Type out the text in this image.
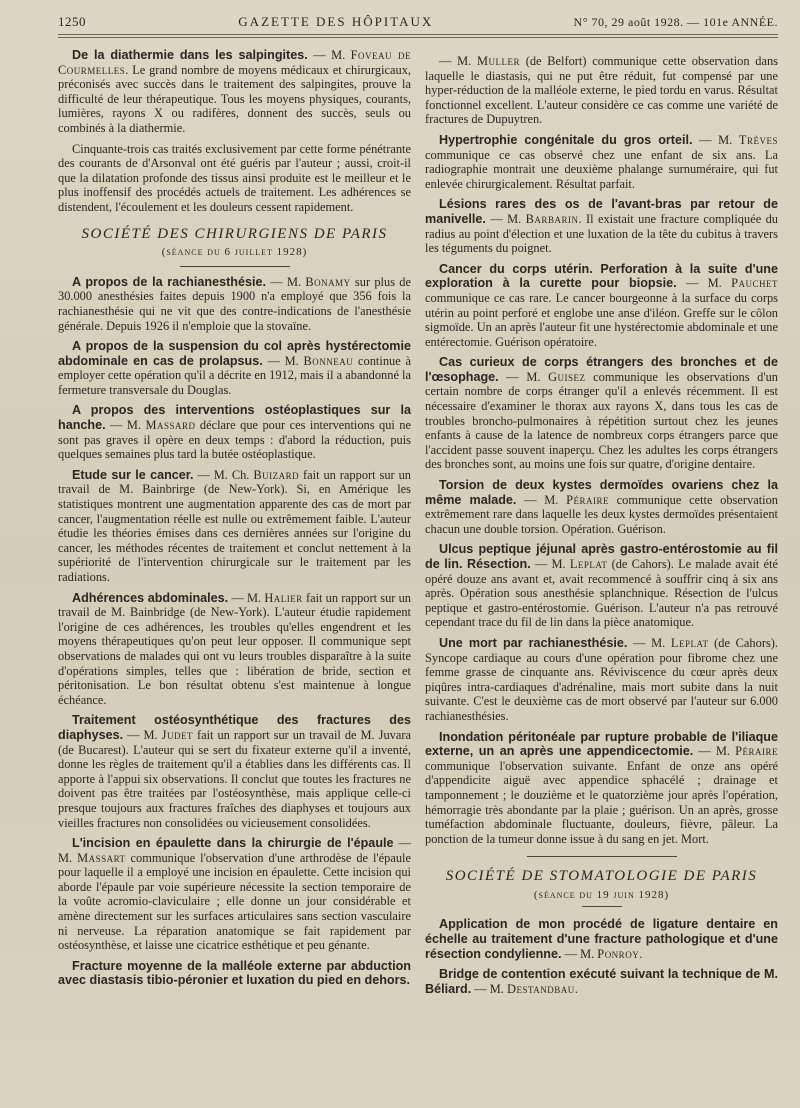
1250	GAZETTE DES HÔPITAUX	N° 70, 29 août 1928. — 101e ANNÉE.

De la diathermie dans les salpingites. — M. Foveau de Courmelles. Le grand nombre de moyens médicaux et chirurgicaux, préconisés avec succès dans le traitement des salpingites, prouve la difficulté de leur thérapeutique. Tous les moyens physiques, courants, lumières, rayons X ou radifères, donnent des succès, seuls ou combinés à la diathermie.

Cinquante-trois cas traités exclusivement par cette forme pénétrante des courants de d'Arsonval ont été guéris par l'auteur ; aussi, croit-il que la dilatation profonde des tissus ainsi produite est le meilleur et le plus inoffensif des procédés actuels de traitement. Les adhérences se distendent, l'écoulement et les douleurs cessent rapidement.

SOCIÉTÉ DES CHIRURGIENS DE PARIS
(séance du 6 juillet 1928)

A propos de la rachianesthésie. — M. Bonamy sur plus de 30.000 anesthésies faites depuis 1900 n'a employé que 356 fois la rachianesthésie qui ne vit que des contre-indications de l'anesthésie générale. Depuis 1926 il n'emploie que la stovaïne.

A propos de la suspension du col après hystérectomie abdominale en cas de prolapsus. — M. Bonneau continue à employer cette opération qu'il a décrite en 1912, mais il a abandonné la fermeture transversale du Douglas.

A propos des interventions ostéoplastiques sur la hanche. — M. Massard déclare que pour ces interventions qui ne sont pas graves il opère en deux temps : d'abord la réduction, puis quelques semaines plus tard la butée ostéoplastique.

Etude sur le cancer. — M. Ch. Buizard fait un rapport sur un travail de M. Bainbrirge (de New-York). Si, en Amérique les statistiques montrent une augmentation apparente des cas de mort par cancer, l'augmentation réelle est nulle ou extrêmement faible. L'auteur étudie les théories émises dans ces dernières années sur l'origine du cancer, les méthodes récentes de traitement et conclut nettement à la supériorité de l'intervention chirurgicale sur le traitement par les radiations.

Adhérences abdominales. — M. Halier fait un rapport sur un travail de M. Bainbridge (de New-York). L'auteur étudie rapidement l'origine de ces adhérences, les troubles qu'elles engendrent et les moyens thérapeutiques qu'on peut leur opposer. Il communique sept observations de malades qui ont vu leurs troubles disparaître à la suite d'opérations simples, telles que : libération de bride, section et péritonisation. Le bon résultat obtenu s'est maintenue à longue échéance.

Traitement ostéosynthétique des fractures des diaphyses. — M. Judet fait un rapport sur un travail de M. Juvara (de Bucarest). L'auteur qui se sert du fixateur externe qu'il a inventé, donne les règles de traitement qu'il a établies dans les différents cas. Il apporte à l'appui six observations. Il conclut que toutes les fractures ne doivent pas être traitées par l'ostéosynthèse, mais applique celle-ci presque toujours aux fractures fraîches des diaphyses et toujours aux vieilles fractures non consolidées ou vicieusement consolidées.

L'incision en épaulette dans la chirurgie de l'épaule — M. Massart communique l'observation d'une arthrodèse de l'épaule pour laquelle il a employé une incision en épaulette. Cette incision qui aborde l'épaule par voie supérieure nécessite la section temporaire de la voûte acromio-claviculaire ; elle donne un jour considérable et amène directement sur les surfaces articulaires sans section vasculaire ni nerveuse. La réparation anatomique se fait rapidement par ostéosynthèse, et laisse une cicatrice esthétique et peu génante.

Fracture moyenne de la malléole externe par abduction avec diastasis tibio-péronier et luxation du pied en dehors.

— M. Muller (de Belfort) communique cette observation dans laquelle le diastasis, qui ne put être réduit, fut compensé par une hyper-réduction de la malléole externe, le pied tordu en varus. Résultat fonctionnel excellent. L'auteur considère ce cas comme une variété de fractures de Dupuytren.

Hypertrophie congénitale du gros orteil. — M. Trèves communique ce cas observé chez une enfant de six ans. La radiographie montrait une deuxième phalange surnuméraire, qui fut enlevée chirurgicalement. Résultat parfait.

Lésions rares des os de l'avant-bras par retour de manivelle. — M. Barbarin. Il existait une fracture compliquée du radius au point d'élection et une luxation de la tête du cubitus à travers les téguments du poignet.

Cancer du corps utérin. Perforation à la suite d'une exploration à la curette pour biopsie. — M. Pauchet communique ce cas rare. Le cancer bourgeonne à la surface du corps utérin au point perforé et englobe une anse d'iléon. Greffe sur le côlon sigmoïde. Un an après l'auteur fit une hystérectomie abdominale et une entérectomie. Guérison opératoire.

Cas curieux de corps étrangers des bronches et de l'œsophage. — M. Guisez communique les observations d'un certain nombre de corps étranger qu'il a enlevés récemment. Il est nécessaire d'examiner le thorax aux rayons X, dans tous les cas de troubles broncho-pulmonaires à répétition surtout chez les jeunes enfants à cause de la latence de nombreux corps étrangers parce que l'accident passe souvent inaperçu. Chez les adultes les corps étrangers des bronches sont, au moins une fois sur quatre, d'origine dentaire.

Torsion de deux kystes dermoïdes ovariens chez la même malade. — M. Péraire communique cette observation extrêmement rare dans laquelle les deux kystes dermoïdes présentaient chacun une double torsion. Opération. Guérison.

Ulcus peptique jéjunal après gastro-entérostomie au fil de lin. Résection. — M. Leplat (de Cahors). Le malade avait été opéré douze ans avant et, avait recommencé à souffrir cinq à six ans après. Opération sous anesthésie splanchnique. Résection de l'ulcus peptique et gastro-entérostomie. Guérison. L'auteur n'a pas retrouvé cependant trace du fil de lin dans la pièce anatomique.

Une mort par rachianesthésie. — M. Leplat (de Cahors). Syncope cardiaque au cours d'une opération pour fibrome chez une femme grasse de cinquante ans. Réviviscence du cœur après deux piqûres intra-cardiaques d'adrénaline, mais mort subite dans la nuit suivante. C'est le deuxième cas de mort observé par l'auteur sur 6.000 rachianesthésies.

Inondation péritonéale par rupture probable de l'iliaque externe, un an après une appendicectomie. — M. Péraire communique l'observation suivante. Enfant de onze ans opéré d'appendicite aiguë avec appendice sphacélé ; drainage et tamponnement ; le douzième et le quatorzième jour après l'opération, hémorragie très abondante par la plaie ; guérison. Un an après, grosse tuméfaction abdominale fluctuante, douleurs, fièvre, pâleur. La ponction de la tumeur donne issue à du sang en jet. Mort.

SOCIÉTÉ DE STOMATOLOGIE DE PARIS
(séance du 19 juin 1928)

Application de mon procédé de ligature dentaire en échelle au traitement d'une fracture pathologique et d'une résection condylienne. — M. Ponroy.

Bridge de contention exécuté suivant la technique de M. Béliard. — M. Destandbau.
